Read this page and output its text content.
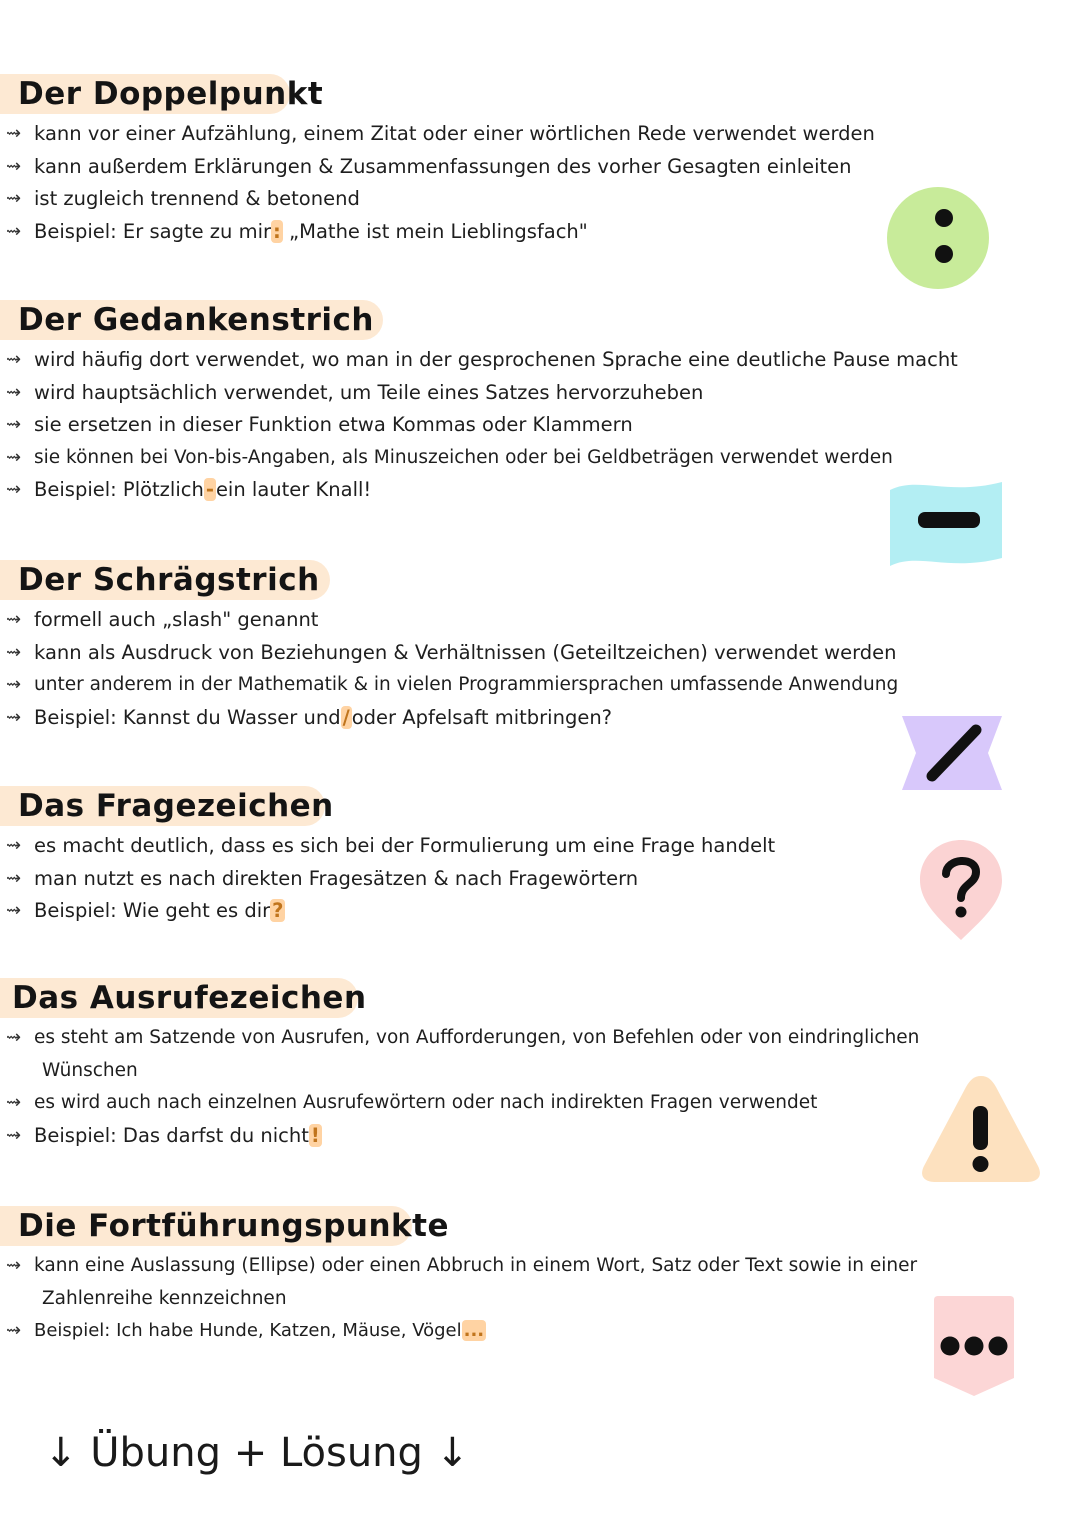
Der Doppelpunkt
⇝ kann vor einer Aufzählung, einem Zitat oder einer wörtlichen Rede verwendet werden
⇝ kann außerdem Erklärungen & Zusammenfassungen des vorher Gesagten einleiten
⇝ ist zugleich trennend & betonend
⇝ Beispiel: Er sagte zu mir : „Mathe ist mein Lieblingsfach"
Der Gedankenstrich
⇝ wird häufig dort verwendet, wo man in der gesprochenen Sprache eine deutliche Pause macht
⇝ wird hauptsächlich verwendet, um Teile eines Satzes hervorzuheben
⇝ sie ersetzen in dieser Funktion etwa Kommas oder Klammern
⇝ sie können bei Von-bis-Angaben, als Minuszeichen oder bei Geldbeträgen verwendet werden
⇝ Beispiel: Plötzlich - ein lauter Knall!
Der Schrägstrich
⇝ formell auch „slash" genannt
⇝ kann als Ausdruck von Beziehungen & Verhältnissen (Geteiltzeichen) verwendet werden
⇝ unter anderem in der Mathematik & in vielen Programmiersprachen umfassende Anwendung
⇝ Beispiel: Kannst du Wasser und / oder Apfelsaft mitbringen?
Das Fragezeichen
⇝ es macht deutlich, dass es sich bei der Formulierung um eine Frage handelt
⇝ man nutzt es nach direkten Fragesätzen & nach Fragewörtern
⇝ Beispiel: Wie geht es dir ?
Das Ausrufezeichen
⇝ es steht am Satzende von Ausrufen, von Aufforderungen, von Befehlen oder von eindringlichen
Wünschen
⇝ es wird auch nach einzelnen Ausrufewörtern oder nach indirekten Fragen verwendet
⇝ Beispiel: Das darfst du nicht !
Die Fortführungspunkte
⇝ kann eine Auslassung (Ellipse) oder einen Abbruch in einem Wort, Satz oder Text sowie in einer
Zahlenreihe kennzeichnen
⇝ Beispiel: Ich habe Hunde, Katzen, Mäuse, Vögel ...
↓ Übung + Lösung ↓
